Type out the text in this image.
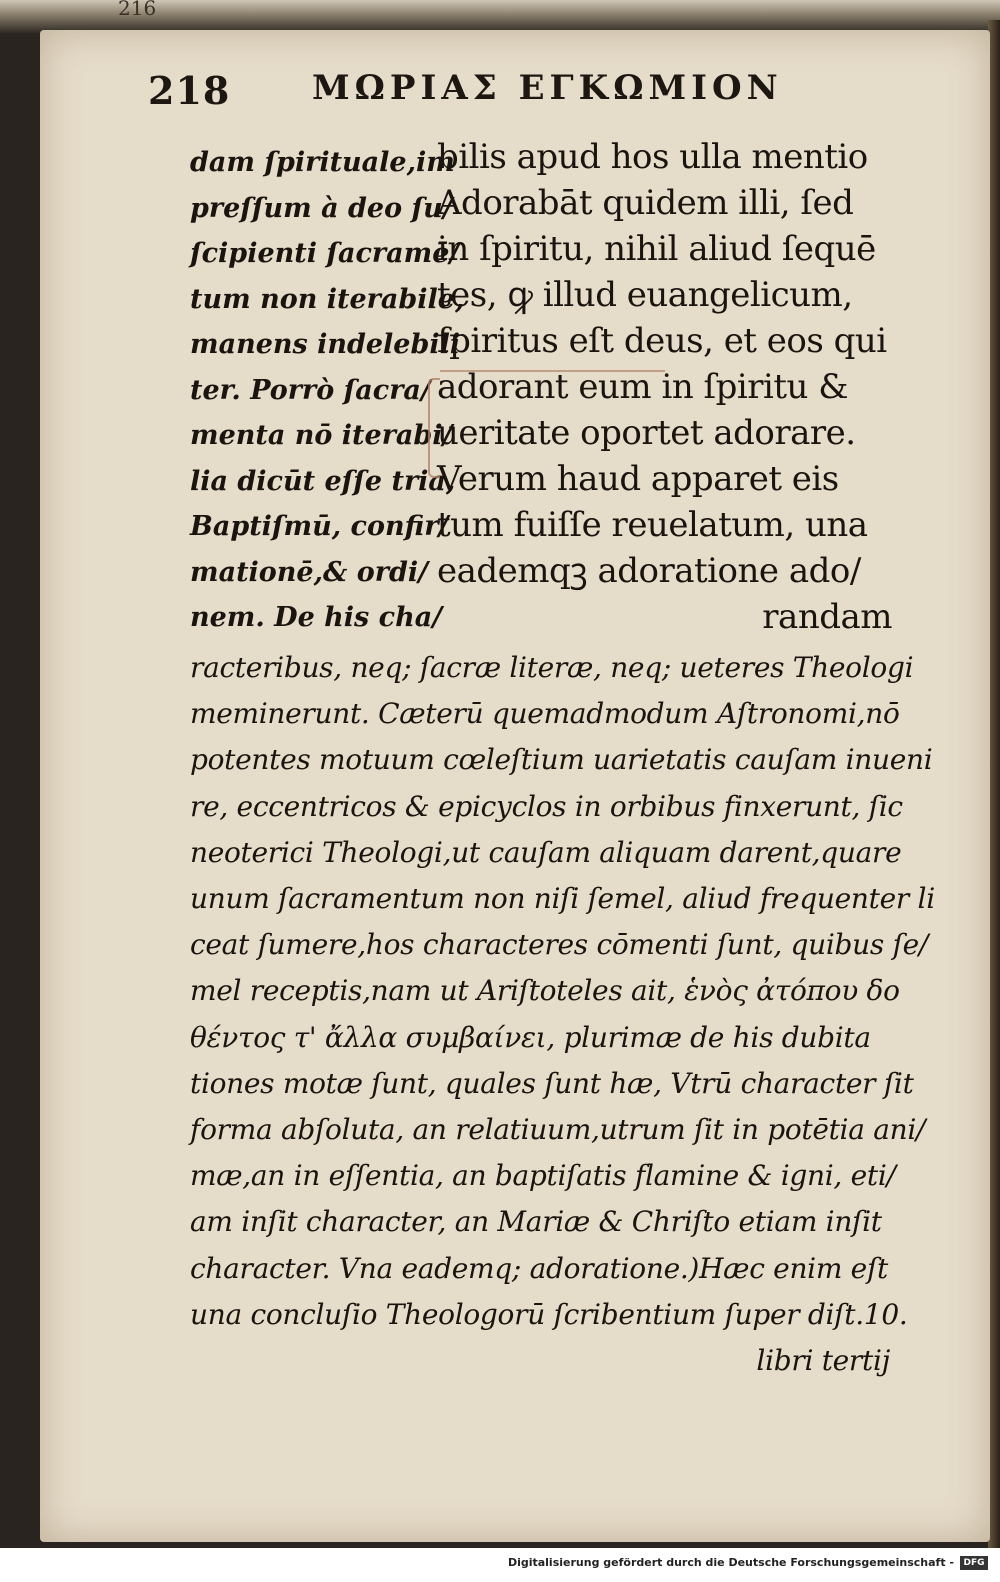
216
218 ΜΩΡΙΑΣ ΕΓΚΩΜΙΟΝ
dam ſpirituale,im
preſſum à deo ſu/
ſcipienti ſacramē/
tum non iterabile,
manens indelebili
ter. Porrò ſacra/
menta nō iterabi/
lia dicūt eſſe tria,
Baptiſmū, confir/
mationē,& ordi/
nem. De his cha/
bilis apud hos ulla mentio
Adorabāt quidem illi, ſed
in ſpiritu, nihil aliud ſequē
tes, ꝙ illud euangelicum,
ſpiritus eſt deus, et eos qui
adorant eum in ſpiritu &
ueritate oportet adorare.
Verum haud apparet eis
tum fuiſſe reuelatum, una
eademqꝫ adoratione ado/
randam
racteribus, neq; ſacræ literæ, neq; ueteres Theologi
meminerunt. Cæterū quemadmodum Aſtronomi,nō
potentes motuum cœleſtium uarietatis cauſam inueni
re, eccentricos & epicyclos in orbibus finxerunt, ſic
neoterici Theologi,ut cauſam aliquam darent,quare
unum ſacramentum non niſi ſemel, aliud frequenter li
ceat ſumere,hos characteres cōmenti ſunt, quibus ſe/
mel receptis,nam ut Ariſtoteles ait, ἑνὸς ἀτόπου δο
θέντος τ' ἄλλα συμβαίνει, plurimæ de his dubita
tiones motæ ſunt, quales ſunt hæ, Vtrū character ſit
forma abſoluta, an relatiuum,utrum ſit in potētia ani/
mæ,an in eſſentia, an baptiſatis flamine & igni, eti/
am inſit character, an Mariæ & Chriſto etiam inſit
character. Vna eademq; adoratione.)Hæc enim eſt
una concluſio Theologorū ſcribentium ſuper diſt.10.
libri tertij
Digitalisierung gefördert durch die Deutsche Forschungsgemeinschaft -	DFG
